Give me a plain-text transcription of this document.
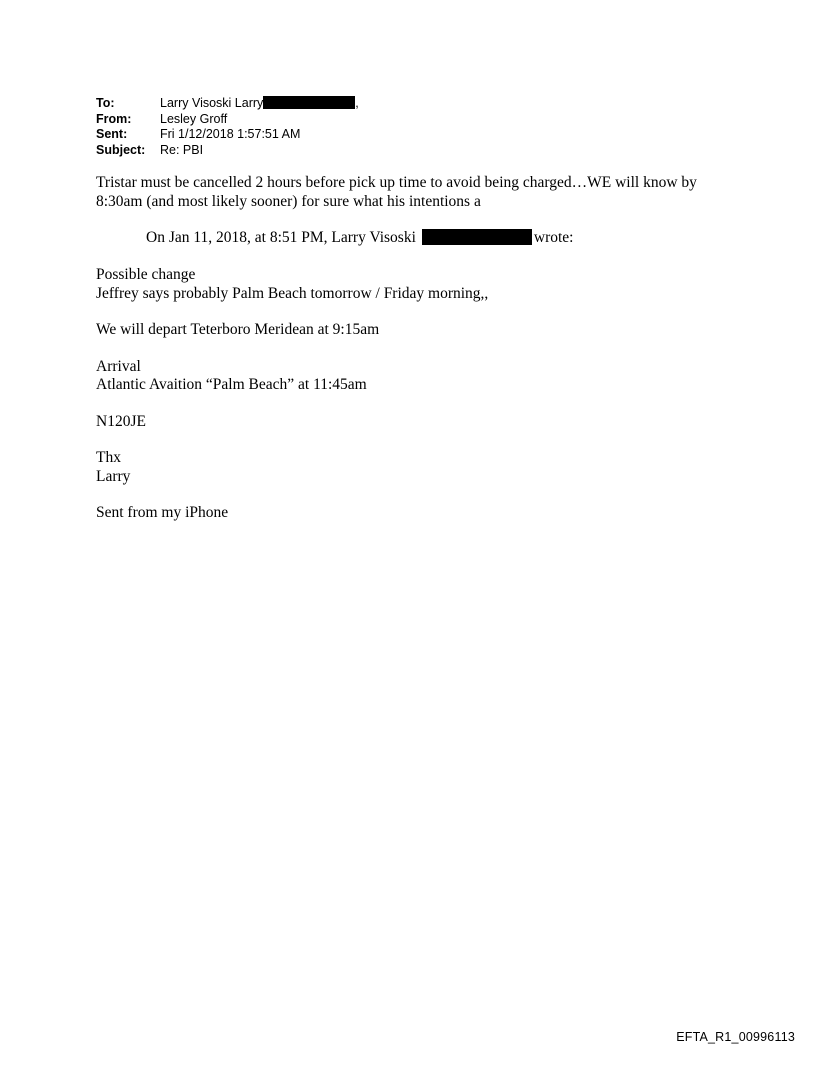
To:	Larry Visoski Larry	,
From:	Lesley Groff
Sent:	Fri 1/12/2018 1:57:51 AM
Subject:	Re: PBI

Tristar must be cancelled 2 hours before pick up time to avoid being charged…WE will know by
8:30am (and most likely sooner) for sure what his intentions a

On Jan 11, 2018, at 8:51 PM, Larry Visoski	wrote:

Possible change
Jeffrey says probably Palm Beach tomorrow / Friday morning,,

We will depart Teterboro Meridean at 9:15am

Arrival
Atlantic Avaition “Palm Beach” at 11:45am

N120JE

Thx
Larry

Sent from my iPhone

EFTA_R1_00996113
